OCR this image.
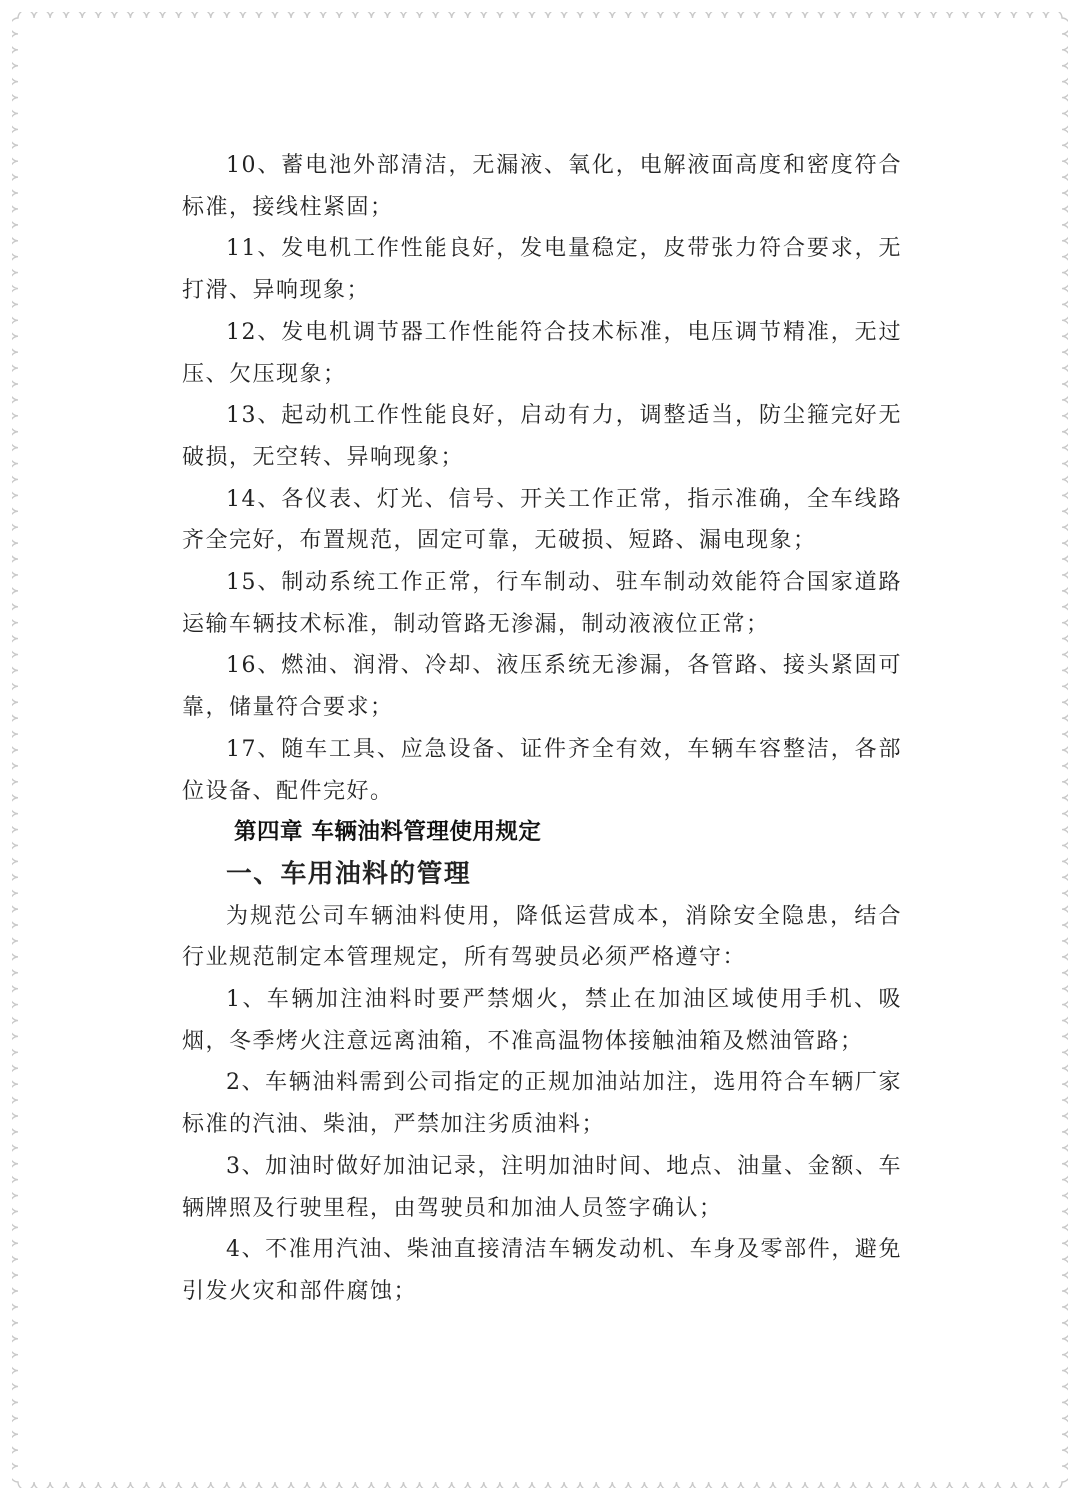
10、蓄电池外部清洁，无漏液、氧化，电解液面高度和密度符合标准，接线柱紧固；

11、发电机工作性能良好，发电量稳定，皮带张力符合要求，无打滑、异响现象；

12、发电机调节器工作性能符合技术标准，电压调节精准，无过压、欠压现象；

13、起动机工作性能良好，启动有力，调整适当，防尘箍完好无破损，无空转、异响现象；

14、各仪表、灯光、信号、开关工作正常，指示准确，全车线路齐全完好，布置规范，固定可靠，无破损、短路、漏电现象；

15、制动系统工作正常，行车制动、驻车制动效能符合国家道路运输车辆技术标准，制动管路无渗漏，制动液液位正常；

16、燃油、润滑、冷却、液压系统无渗漏，各管路、接头紧固可靠，储量符合要求；

17、随车工具、应急设备、证件齐全有效，车辆车容整洁，各部位设备、配件完好。

第四章 车辆油料管理使用规定
一、车用油料的管理

为规范公司车辆油料使用，降低运营成本，消除安全隐患，结合行业规范制定本管理规定，所有驾驶员必须严格遵守：

1、车辆加注油料时要严禁烟火，禁止在加油区域使用手机、吸烟，冬季烤火注意远离油箱，不准高温物体接触油箱及燃油管路；

2、车辆油料需到公司指定的正规加油站加注，选用符合车辆厂家标准的汽油、柴油，严禁加注劣质油料；

3、加油时做好加油记录，注明加油时间、地点、油量、金额、车辆牌照及行驶里程，由驾驶员和加油人员签字确认；

4、不准用汽油、柴油直接清洁车辆发动机、车身及零部件，避免引发火灾和部件腐蚀；
